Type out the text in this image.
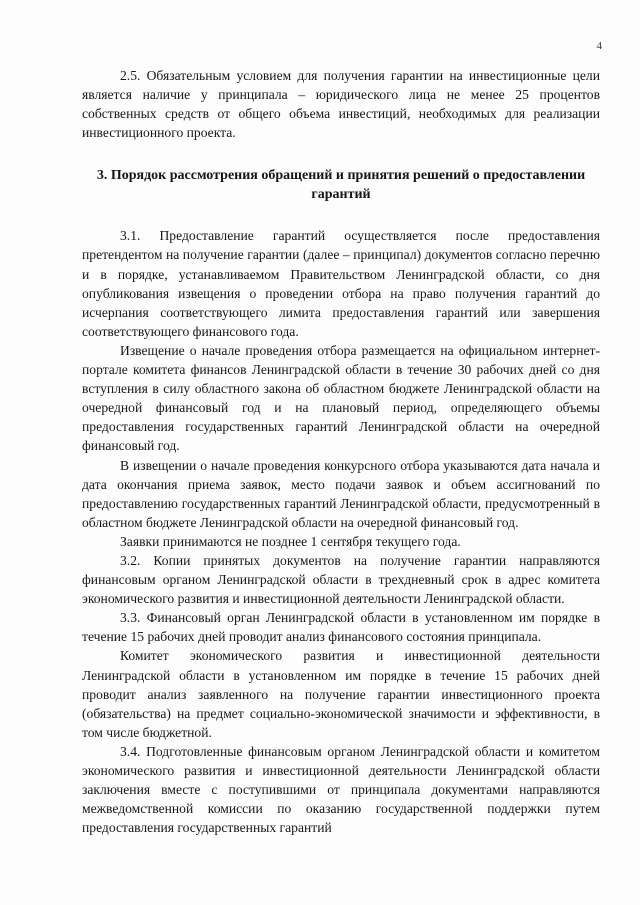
4

2.5. Обязательным условием для получения гарантии на инвестиционные цели является наличие у принципала – юридического лица не менее 25 процентов собственных средств от общего объема инвестиций, необходимых для реализации инвестиционного проекта.

3. Порядок рассмотрения обращений и принятия решений о предоставлении гарантий

3.1. Предоставление гарантий осуществляется после предоставления претендентом на получение гарантии (далее – принципал) документов согласно перечню и в порядке, устанавливаемом Правительством Ленинградской области, со дня опубликования извещения о проведении отбора на право получения гарантий до исчерпания соответствующего лимита предоставления гарантий или завершения соответствующего финансового года.

Извещение о начале проведения отбора размещается на официальном интернет-портале комитета финансов Ленинградской области в течение 30 рабочих дней со дня вступления в силу областного закона об областном бюджете Ленинградской области на очередной финансовый год и на плановый период, определяющего объемы предоставления государственных гарантий Ленинградской области на очередной финансовый год.

В извещении о начале проведения конкурсного отбора указываются дата начала и дата окончания приема заявок, место подачи заявок и объем ассигнований по предоставлению государственных гарантий Ленинградской области, предусмотренный в областном бюджете Ленинградской области на очередной финансовый год.

Заявки принимаются не позднее 1 сентября текущего года.

3.2. Копии принятых документов на получение гарантии направляются финансовым органом Ленинградской области в трехдневный срок в адрес комитета экономического развития и инвестиционной деятельности Ленинградской области.

3.3. Финансовый орган Ленинградской области в установленном им порядке в течение 15 рабочих дней проводит анализ финансового состояния принципала.

Комитет экономического развития и инвестиционной деятельности Ленинградской области в установленном им порядке в течение 15 рабочих дней проводит анализ заявленного на получение гарантии инвестиционного проекта (обязательства) на предмет социально-экономической значимости и эффективности, в том числе бюджетной.

3.4. Подготовленные финансовым органом Ленинградской области и комитетом экономического развития и инвестиционной деятельности Ленинградской области заключения вместе с поступившими от принципала документами направляются межведомственной комиссии по оказанию государственной поддержки путем предоставления государственных гарантий
